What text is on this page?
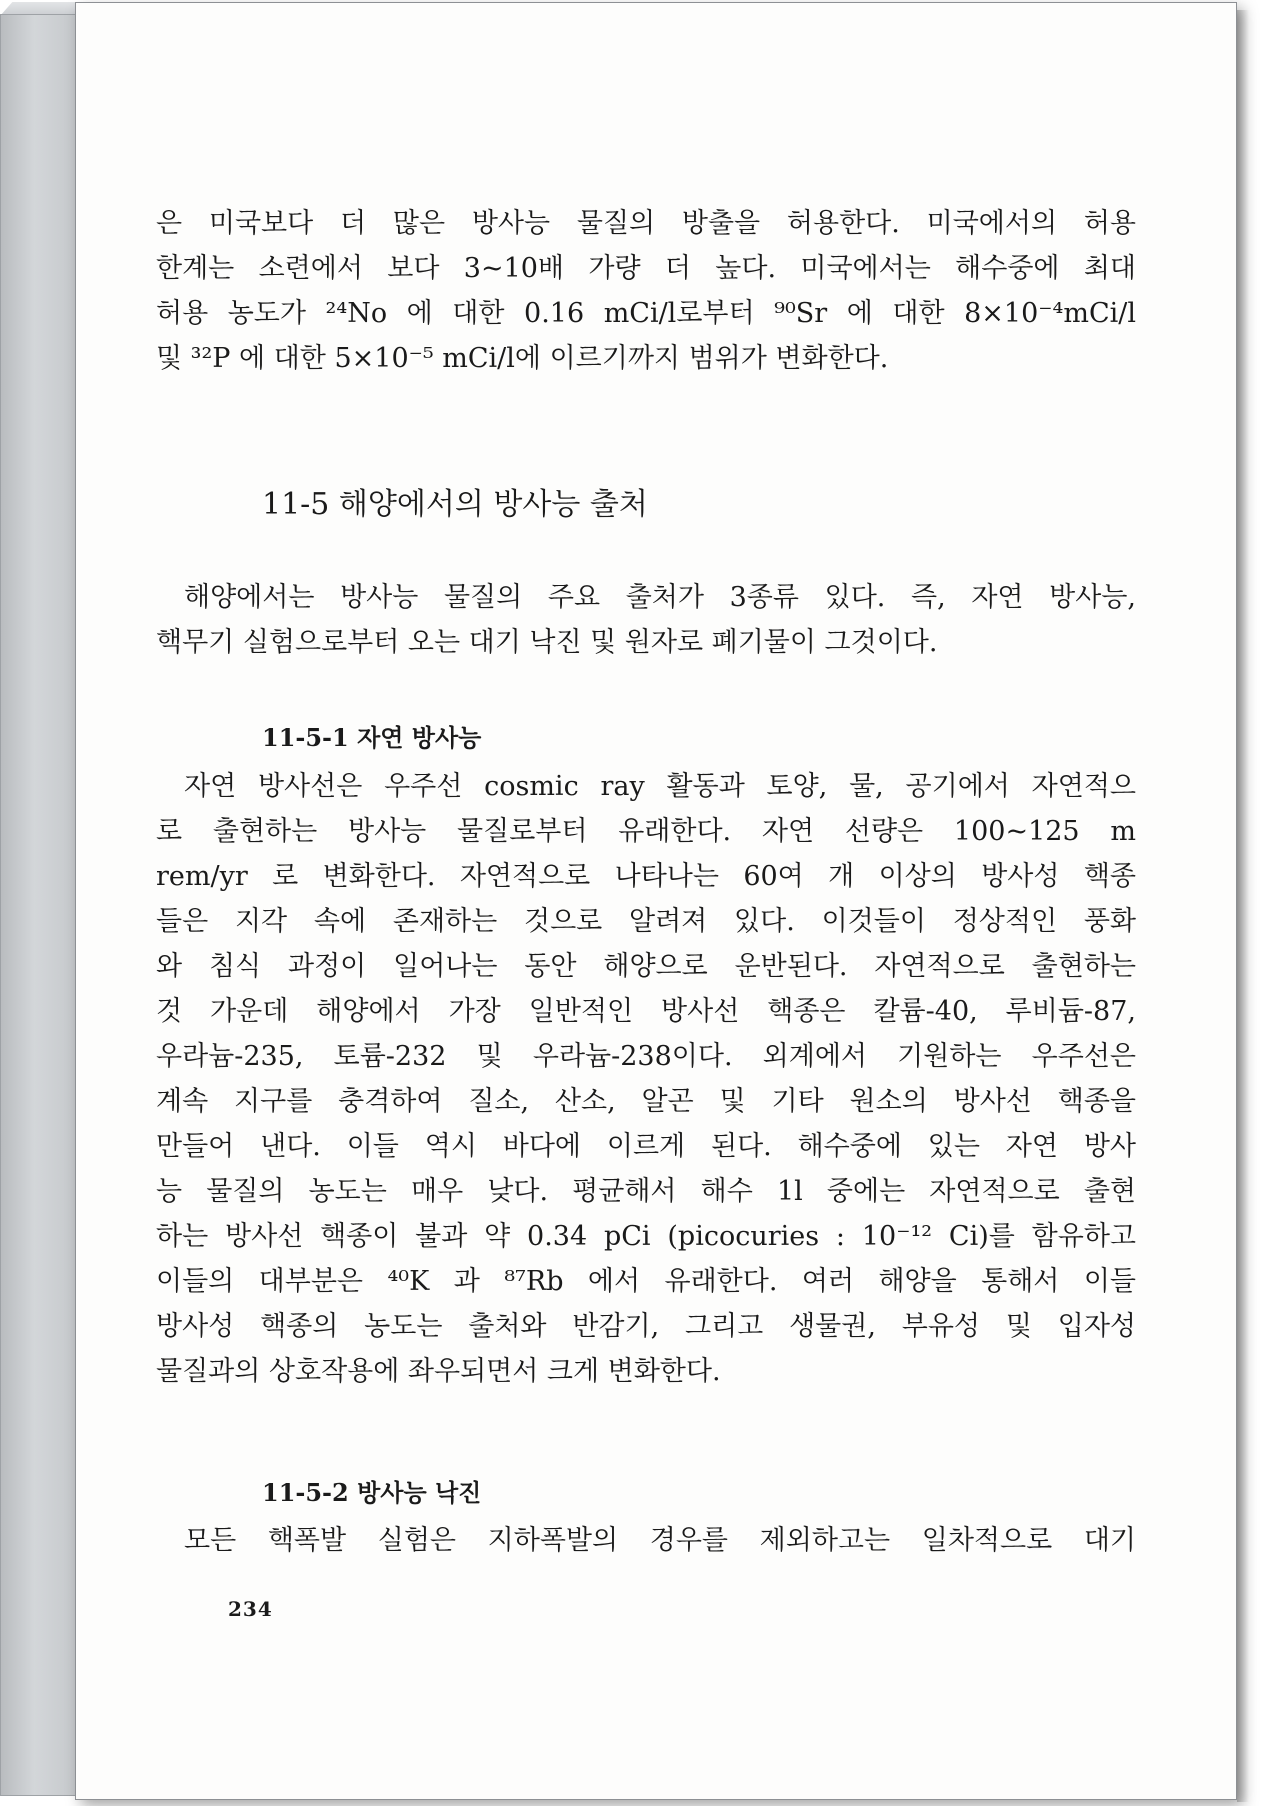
은 미국보다 더 많은 방사능 물질의 방출을 허용한다. 미국에서의 허용

한계는 소련에서 보다 3~10배 가량 더 높다. 미국에서는 해수중에 최대

허용 농도가 ²⁴No 에 대한 0.16 mCi/l로부터 ⁹⁰Sr 에 대한 8×10⁻⁴mCi/l

및 ³²P 에 대한 5×10⁻⁵ mCi/l에 이르기까지 범위가 변화한다.

11-5 해양에서의 방사능 출처

해양에서는 방사능 물질의 주요 출처가 3종류 있다. 즉, 자연 방사능,

핵무기 실험으로부터 오는 대기 낙진 및 원자로 폐기물이 그것이다.

11-5-1 자연 방사능

자연 방사선은 우주선 cosmic ray 활동과 토양, 물, 공기에서 자연적으

로 출현하는 방사능 물질로부터 유래한다. 자연 선량은 100~125 m

rem/yr 로 변화한다. 자연적으로 나타나는 60여 개 이상의 방사성 핵종

들은 지각 속에 존재하는 것으로 알려져 있다. 이것들이 정상적인 풍화

와 침식 과정이 일어나는 동안 해양으로 운반된다. 자연적으로 출현하는

것 가운데 해양에서 가장 일반적인 방사선 핵종은 칼륨-40, 루비듐-87,

우라늄-235, 토륨-232 및 우라늄-238이다. 외계에서 기원하는 우주선은

계속 지구를 충격하여 질소, 산소, 알곤 및 기타 원소의 방사선 핵종을

만들어 낸다. 이들 역시 바다에 이르게 된다. 해수중에 있는 자연 방사

능 물질의 농도는 매우 낮다. 평균해서 해수 1l 중에는 자연적으로 출현

하는 방사선 핵종이 불과 약 0.34 pCi (picocuries : 10⁻¹² Ci)를 함유하고

이들의 대부분은 ⁴⁰K 과 ⁸⁷Rb 에서 유래한다. 여러 해양을 통해서 이들

방사성 핵종의 농도는 출처와 반감기, 그리고 생물권, 부유성 및 입자성

물질과의 상호작용에 좌우되면서 크게 변화한다.

11-5-2 방사능 낙진

모든 핵폭발 실험은 지하폭발의 경우를 제외하고는 일차적으로 대기

234
